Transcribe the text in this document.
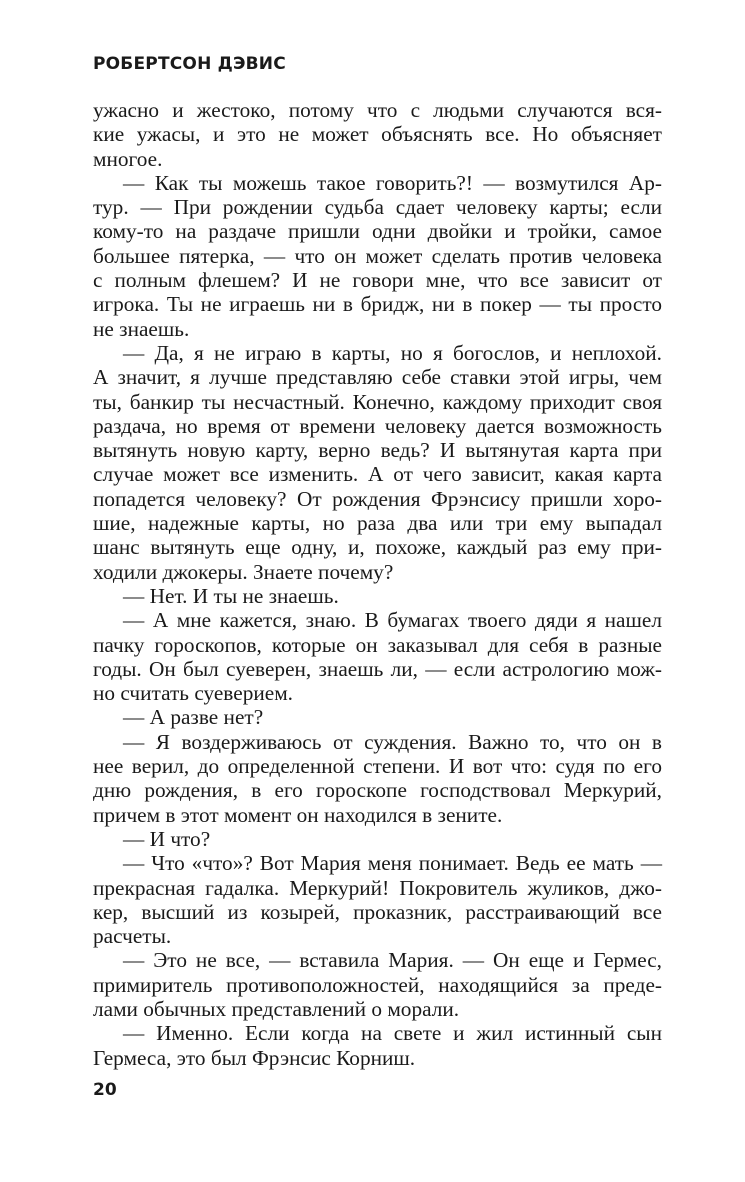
РОБЕРТСОН ДЭВИС
ужасно и жестоко, потому что с людьми случаются вся-
кие ужасы, и это не может объяснять все. Но объясняет
многое.
— Как ты можешь такое говорить?! — возмутился Ар-
тур. — При рождении судьба сдает человеку карты; если
кому-то на раздаче пришли одни двойки и тройки, самое
большее пятерка, — что он может сделать против человека
с полным флешем? И не говори мне, что все зависит от
игрока. Ты не играешь ни в бридж, ни в покер — ты просто
не знаешь.
— Да, я не играю в карты, но я богослов, и неплохой.
А значит, я лучше представляю себе ставки этой игры, чем
ты, банкир ты несчастный. Конечно, каждому приходит своя
раздача, но время от времени человеку дается возможность
вытянуть новую карту, верно ведь? И вытянутая карта при
случае может все изменить. А от чего зависит, какая карта
попадется человеку? От рождения Фрэнсису пришли хоро-
шие, надежные карты, но раза два или три ему выпадал
шанс вытянуть еще одну, и, похоже, каждый раз ему при-
ходили джокеры. Знаете почему?
— Нет. И ты не знаешь.
— А мне кажется, знаю. В бумагах твоего дяди я нашел
пачку гороскопов, которые он заказывал для себя в разные
годы. Он был суеверен, знаешь ли, — если астрологию мож-
но считать суеверием.
— А разве нет?
— Я воздерживаюсь от суждения. Важно то, что он в
нее верил, до определенной степени. И вот что: судя по его
дню рождения, в его гороскопе господствовал Меркурий,
причем в этот момент он находился в зените.
— И что?
— Что «что»? Вот Мария меня понимает. Ведь ее мать —
прекрасная гадалка. Меркурий! Покровитель жуликов, джо-
кер, высший из козырей, проказник, расстраивающий все
расчеты.
— Это не все, — вставила Мария. — Он еще и Гермес,
примиритель противоположностей, находящийся за преде-
лами обычных представлений о морали.
— Именно. Если когда на свете и жил истинный сын
Гермеса, это был Фрэнсис Корниш.
20
